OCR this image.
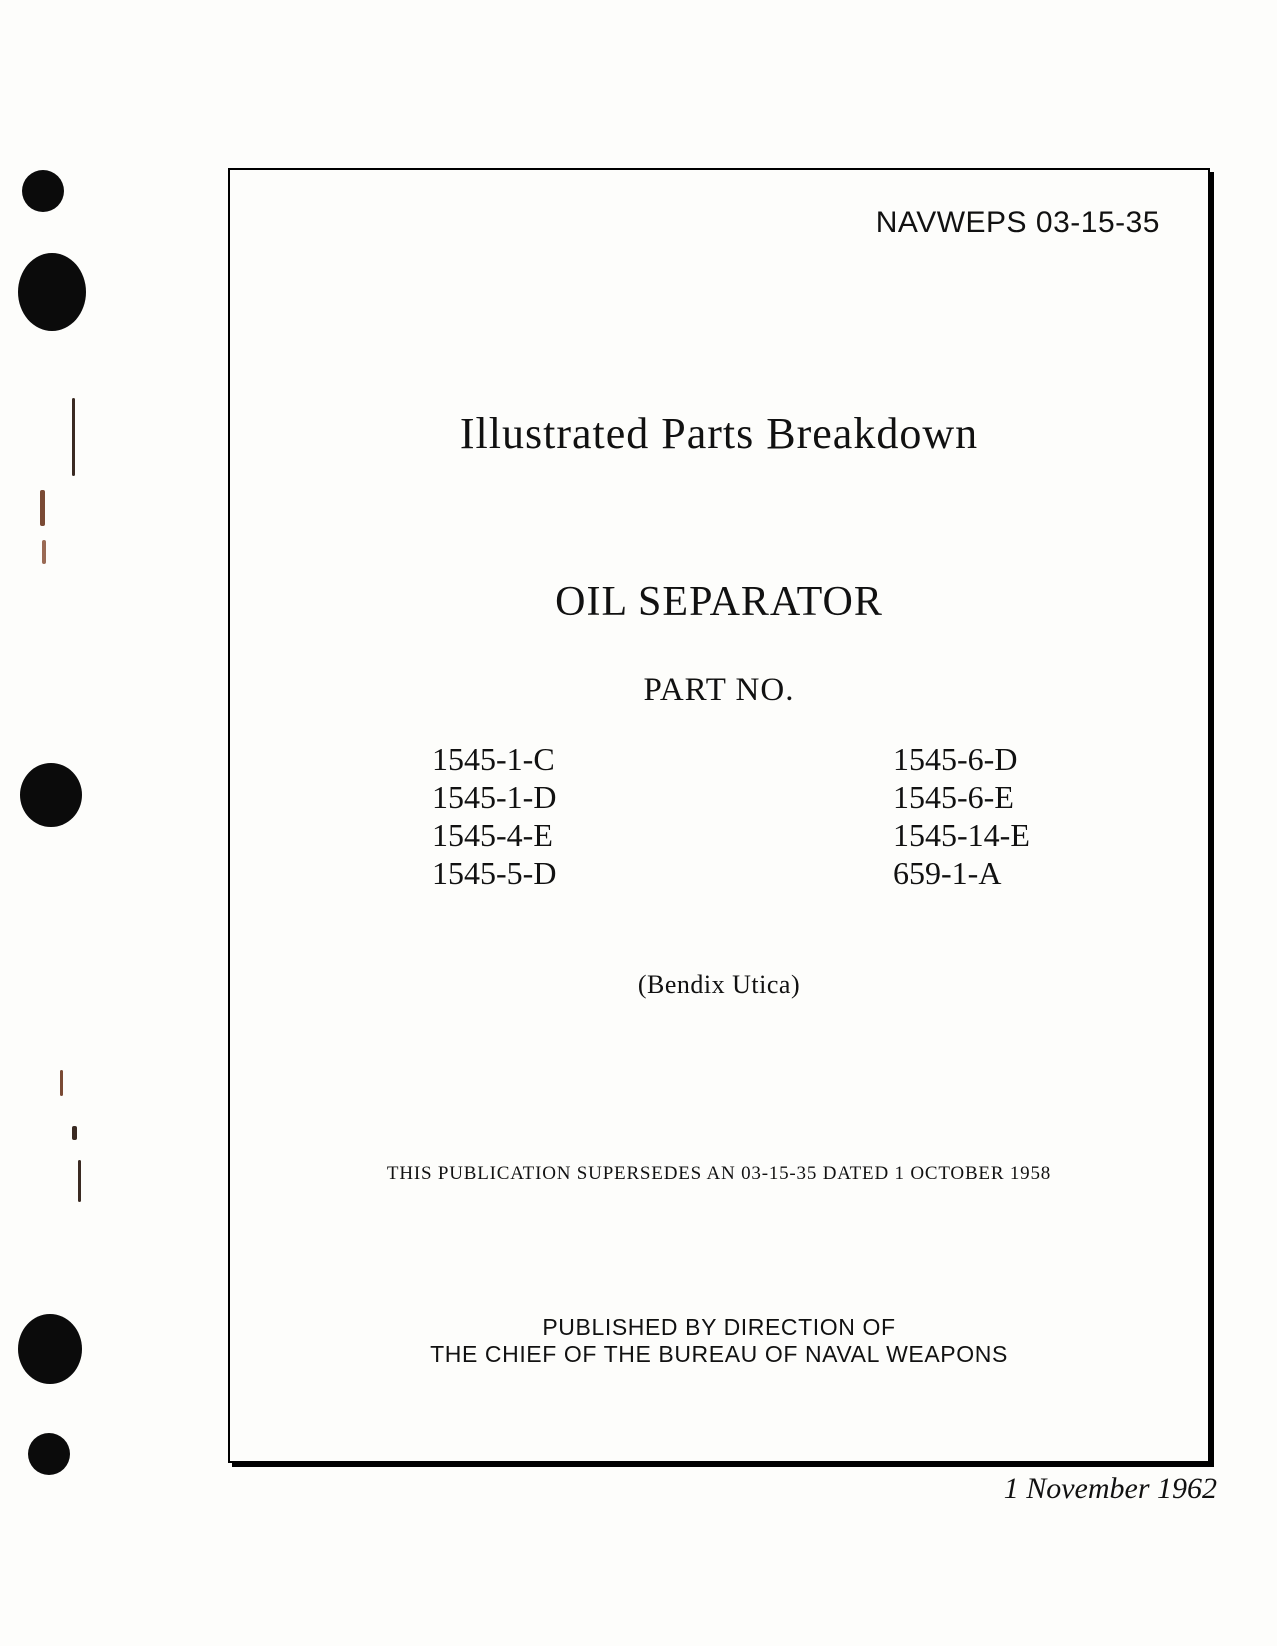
NAVWEPS 03-15-35
Illustrated Parts Breakdown
OIL SEPARATOR
PART NO.
1545-1-C
1545-1-D
1545-4-E
1545-5-D
1545-6-D
1545-6-E
1545-14-E
659-1-A
(Bendix Utica)
THIS PUBLICATION SUPERSEDES AN 03-15-35 DATED 1 OCTOBER 1958
PUBLISHED BY DIRECTION OF
THE CHIEF OF THE BUREAU OF NAVAL WEAPONS
1 November 1962
